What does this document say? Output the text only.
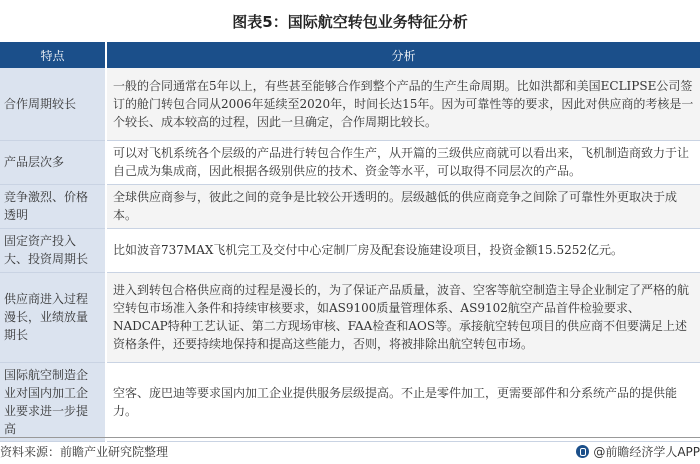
图表5：国际航空转包业务特征分析
特点	分析
合作周期较长	一般的合同通常在5年以上，有些甚至能够合作到整个产品的生产生命周期。比如洪都和美国ECLIPSE公司签订的舱门转包合同从2006年延续至2020年，时间长达15年。因为可靠性等的要求，因此对供应商的考核是一个较长、成本较高的过程，因此一旦确定，合作周期比较长。
产品层次多	可以对飞机系统各个层级的产品进行转包合作生产，从开篇的三级供应商就可以看出来，飞机制造商致力于让自己成为集成商，因此根据各级别供应的技术、资金等水平，可以取得不同层次的产品。
竞争激烈、价格透明	全球供应商参与，彼此之间的竞争是比较公开透明的。层级越低的供应商竞争之间除了可靠性外更取决于成本。
固定资产投入大、投资周期长	比如波音737MAX飞机完工及交付中心定制厂房及配套设施建设项目，投资金额15.5252亿元。
供应商进入过程漫长，业绩放量期长	进入到转包合格供应商的过程是漫长的，为了保证产品质量，波音、空客等航空制造主导企业制定了严格的航空转包市场准入条件和持续审核要求，如AS9100质量管理体系、AS9102航空产品首件检验要求、NADCAP特种工艺认证、第二方现场审核、FAA检查和AOS等。承接航空转包项目的供应商不但要满足上述资格条件，还要持续地保持和提高这些能力，否则，将被排除出航空转包市场。
国际航空制造企业对国内加工企业要求进一步提高	空客、庞巴迪等要求国内加工企业提供服务层级提高。不止是零件加工，更需要部件和分系统产品的提供能力。
资料来源：前瞻产业研究院整理	@前瞻经济学人APP
